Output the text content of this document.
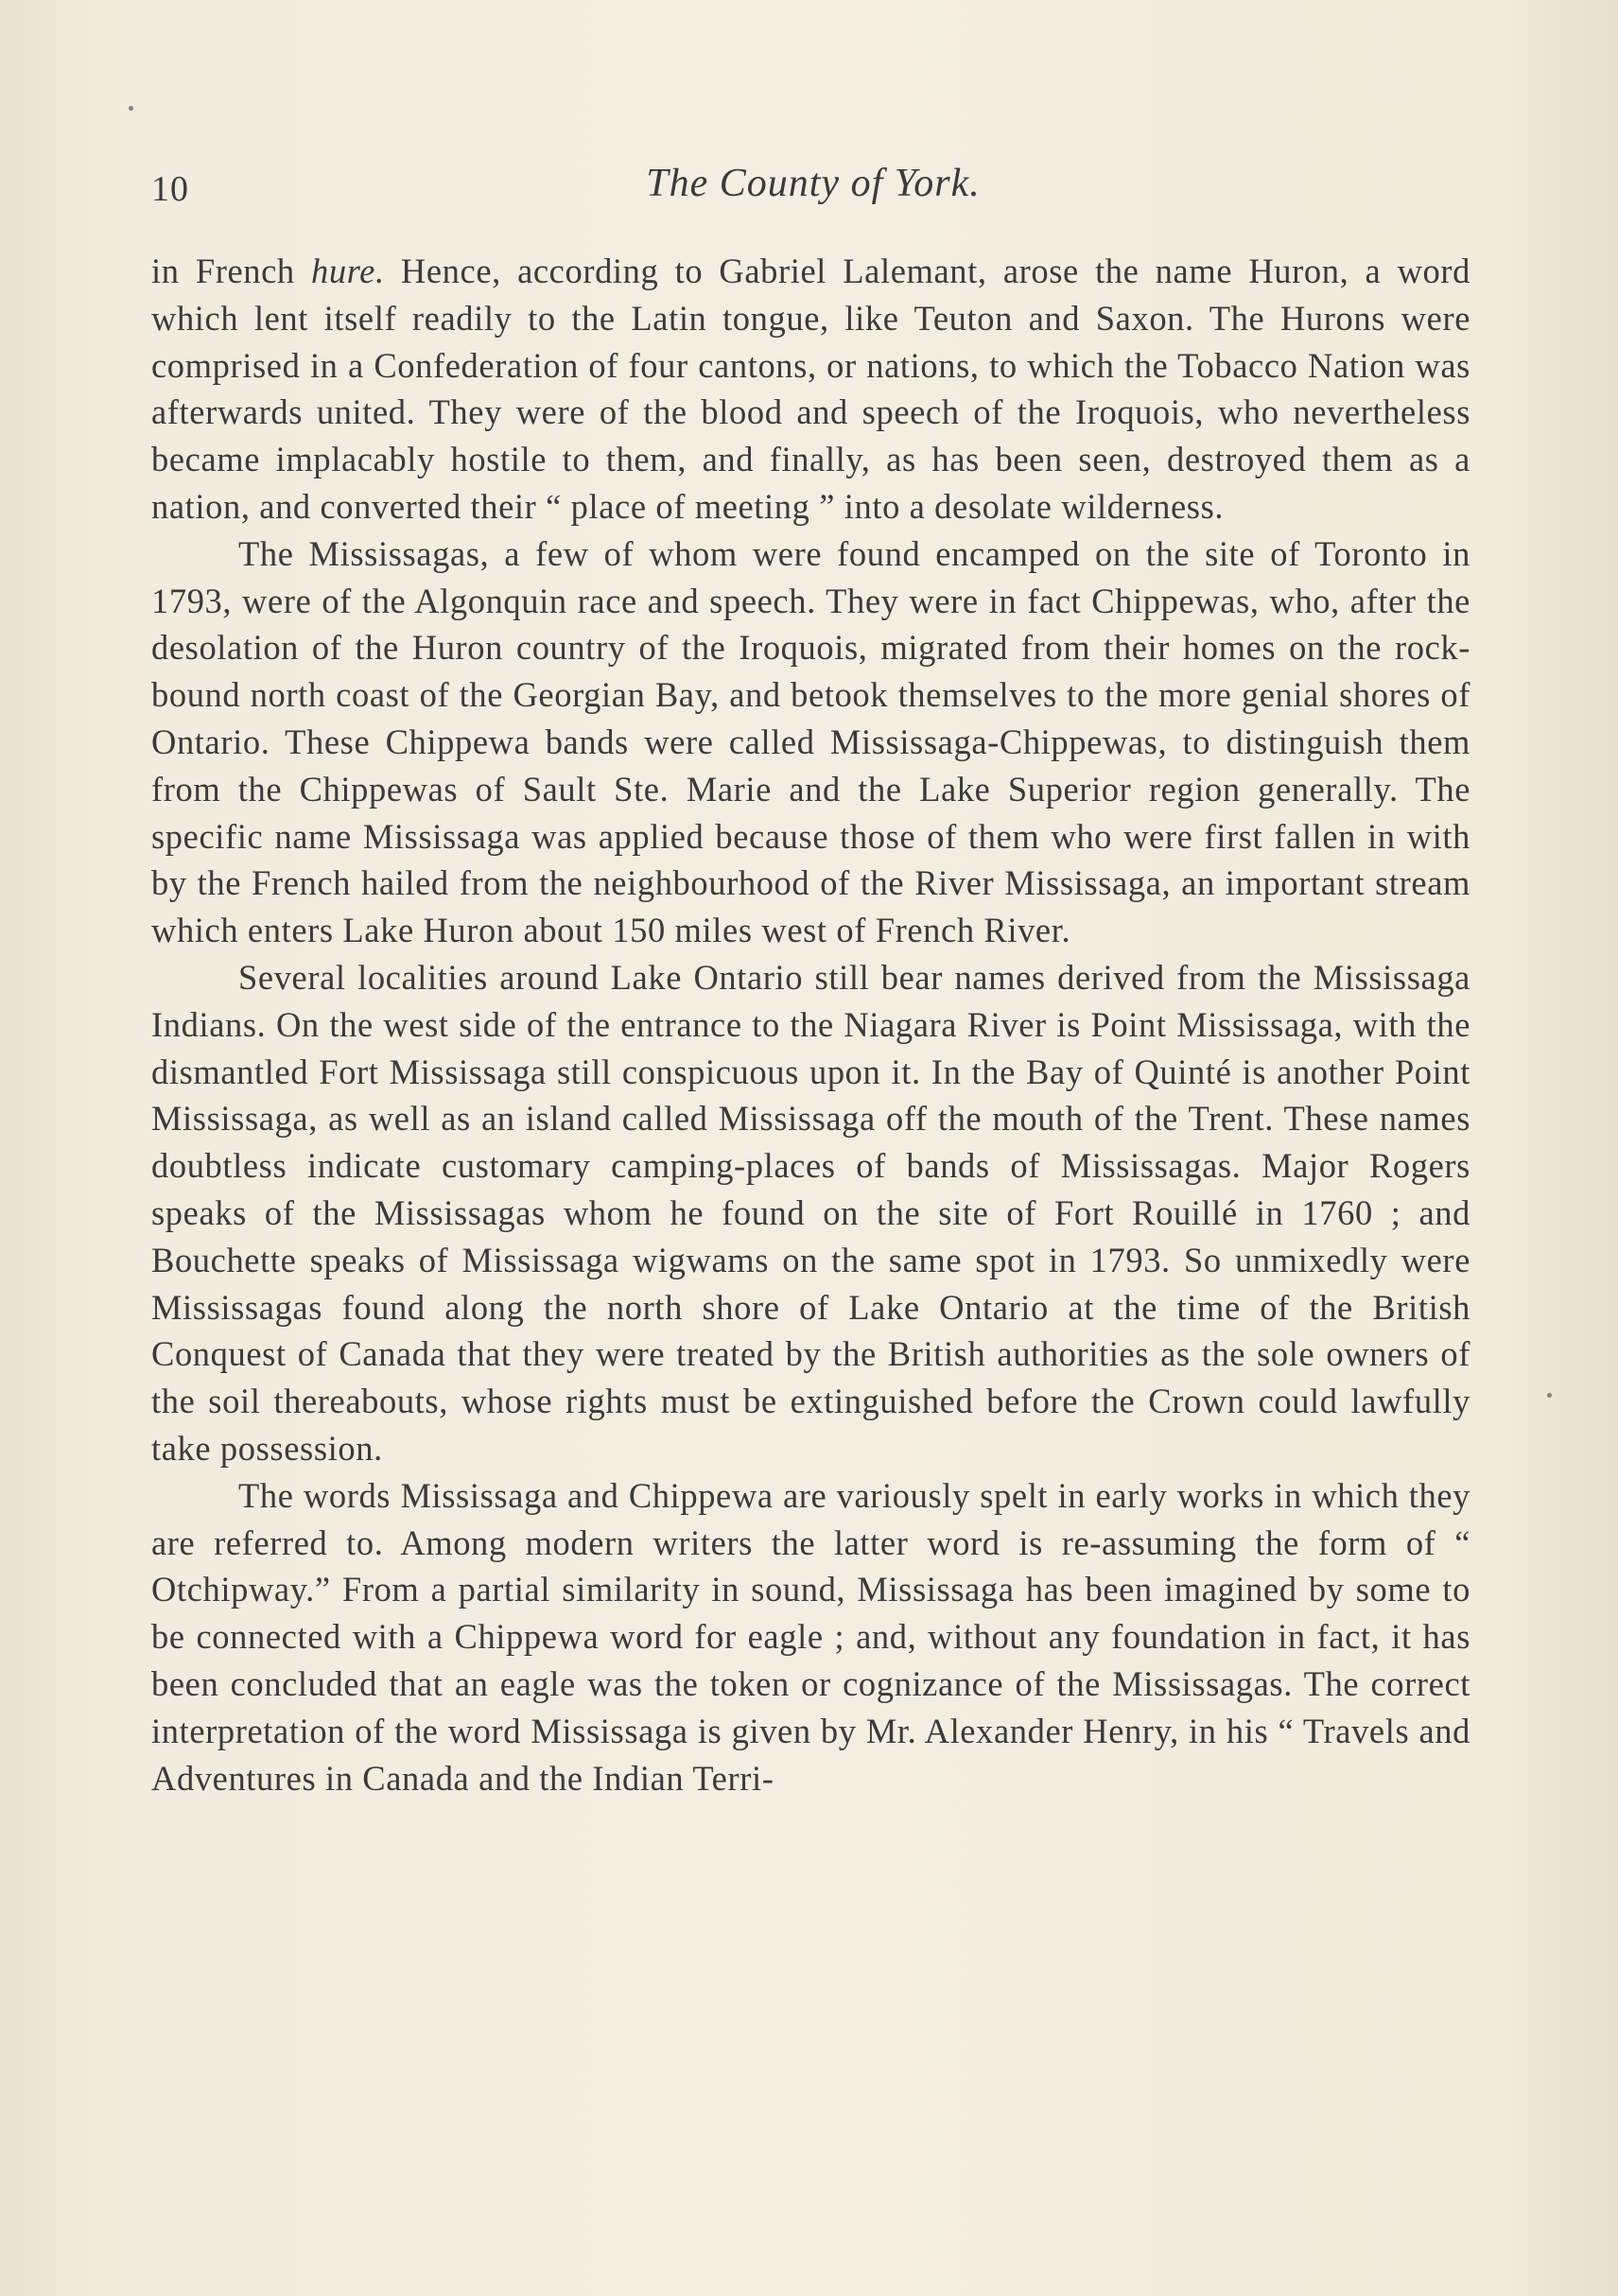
10	The County of York.

in French hure. Hence, according to Gabriel Lalemant, arose the name Huron, a word which lent itself readily to the Latin tongue, like Teuton and Saxon. The Hurons were comprised in a Confederation of four cantons, or nations, to which the Tobacco Nation was afterwards united. They were of the blood and speech of the Iroquois, who nevertheless became implacably hostile to them, and finally, as has been seen, destroyed them as a nation, and converted their “ place of meeting ” into a desolate wilderness.

The Mississagas, a few of whom were found encamped on the site of Toronto in 1793, were of the Algonquin race and speech. They were in fact Chippewas, who, after the desolation of the Huron country of the Iroquois, migrated from their homes on the rock-bound north coast of the Georgian Bay, and betook themselves to the more genial shores of Ontario. These Chippewa bands were called Mississaga-Chippewas, to distinguish them from the Chippewas of Sault Ste. Marie and the Lake Superior region generally. The specific name Mississaga was applied because those of them who were first fallen in with by the French hailed from the neighbourhood of the River Mississaga, an important stream which enters Lake Huron about 150 miles west of French River.

Several localities around Lake Ontario still bear names derived from the Mississaga Indians. On the west side of the entrance to the Niagara River is Point Mississaga, with the dismantled Fort Mississaga still conspicuous upon it. In the Bay of Quinté is another Point Mississaga, as well as an island called Mississaga off the mouth of the Trent. These names doubtless indicate customary camping-places of bands of Mississagas. Major Rogers speaks of the Mississagas whom he found on the site of Fort Rouillé in 1760 ; and Bouchette speaks of Mississaga wigwams on the same spot in 1793. So unmixedly were Mississagas found along the north shore of Lake Ontario at the time of the British Conquest of Canada that they were treated by the British authorities as the sole owners of the soil thereabouts, whose rights must be extinguished before the Crown could lawfully take possession.

The words Mississaga and Chippewa are variously spelt in early works in which they are referred to. Among modern writers the latter word is re-assuming the form of “ Otchipway.” From a partial similarity in sound, Mississaga has been imagined by some to be connected with a Chippewa word for eagle ; and, without any foundation in fact, it has been concluded that an eagle was the token or cognizance of the Mississagas. The correct interpretation of the word Mississaga is given by Mr. Alexander Henry, in his “ Travels and Adventures in Canada and the Indian Terri-
